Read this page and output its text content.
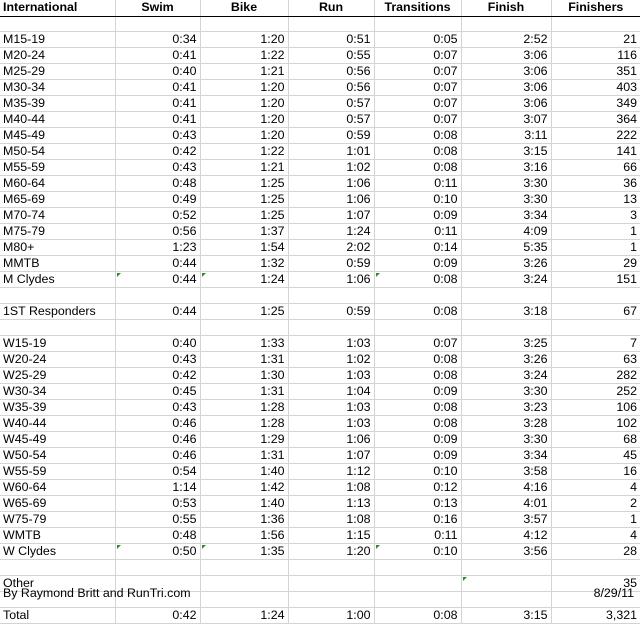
International	Swim	Bike	Run	Transitions	Finish	Finishers

M15-19	0:34	1:20	0:51	0:05	2:52	21
M20-24	0:41	1:22	0:55	0:07	3:06	116
M25-29	0:40	1:21	0:56	0:07	3:06	351
M30-34	0:41	1:20	0:56	0:07	3:06	403
M35-39	0:41	1:20	0:57	0:07	3:06	349
M40-44	0:41	1:20	0:57	0:07	3:07	364
M45-49	0:43	1:20	0:59	0:08	3:11	222
M50-54	0:42	1:22	1:01	0:08	3:15	141
M55-59	0:43	1:21	1:02	0:08	3:16	66
M60-64	0:48	1:25	1:06	0:11	3:30	36
M65-69	0:49	1:25	1:06	0:10	3:30	13
M70-74	0:52	1:25	1:07	0:09	3:34	3
M75-79	0:56	1:37	1:24	0:11	4:09	1
M80+	1:23	1:54	2:02	0:14	5:35	1
MMTB	0:44	1:32	0:59	0:09	3:26	29
M Clydes	0:44	1:24	1:06	0:08	3:24	151

1ST Responders	0:44	1:25	0:59	0:08	3:18	67

W15-19	0:40	1:33	1:03	0:07	3:25	7
W20-24	0:43	1:31	1:02	0:08	3:26	63
W25-29	0:42	1:30	1:03	0:08	3:24	282
W30-34	0:45	1:31	1:04	0:09	3:30	252
W35-39	0:43	1:28	1:03	0:08	3:23	106
W40-44	0:46	1:28	1:03	0:08	3:28	102
W45-49	0:46	1:29	1:06	0:09	3:30	68
W50-54	0:46	1:31	1:07	0:09	3:34	45
W55-59	0:54	1:40	1:12	0:10	3:58	16
W60-64	1:14	1:42	1:08	0:12	4:16	4
W65-69	0:53	1:40	1:13	0:13	4:01	2
W75-79	0:55	1:36	1:08	0:16	3:57	1
WMTB	0:48	1:56	1:15	0:11	4:12	4
W Clydes	0:50	1:35	1:20	0:10	3:56	28

Other						35

Total	0:42	1:24	1:00	0:08	3:15	3,321
By Raymond Britt and RunTri.com	8/29/11
